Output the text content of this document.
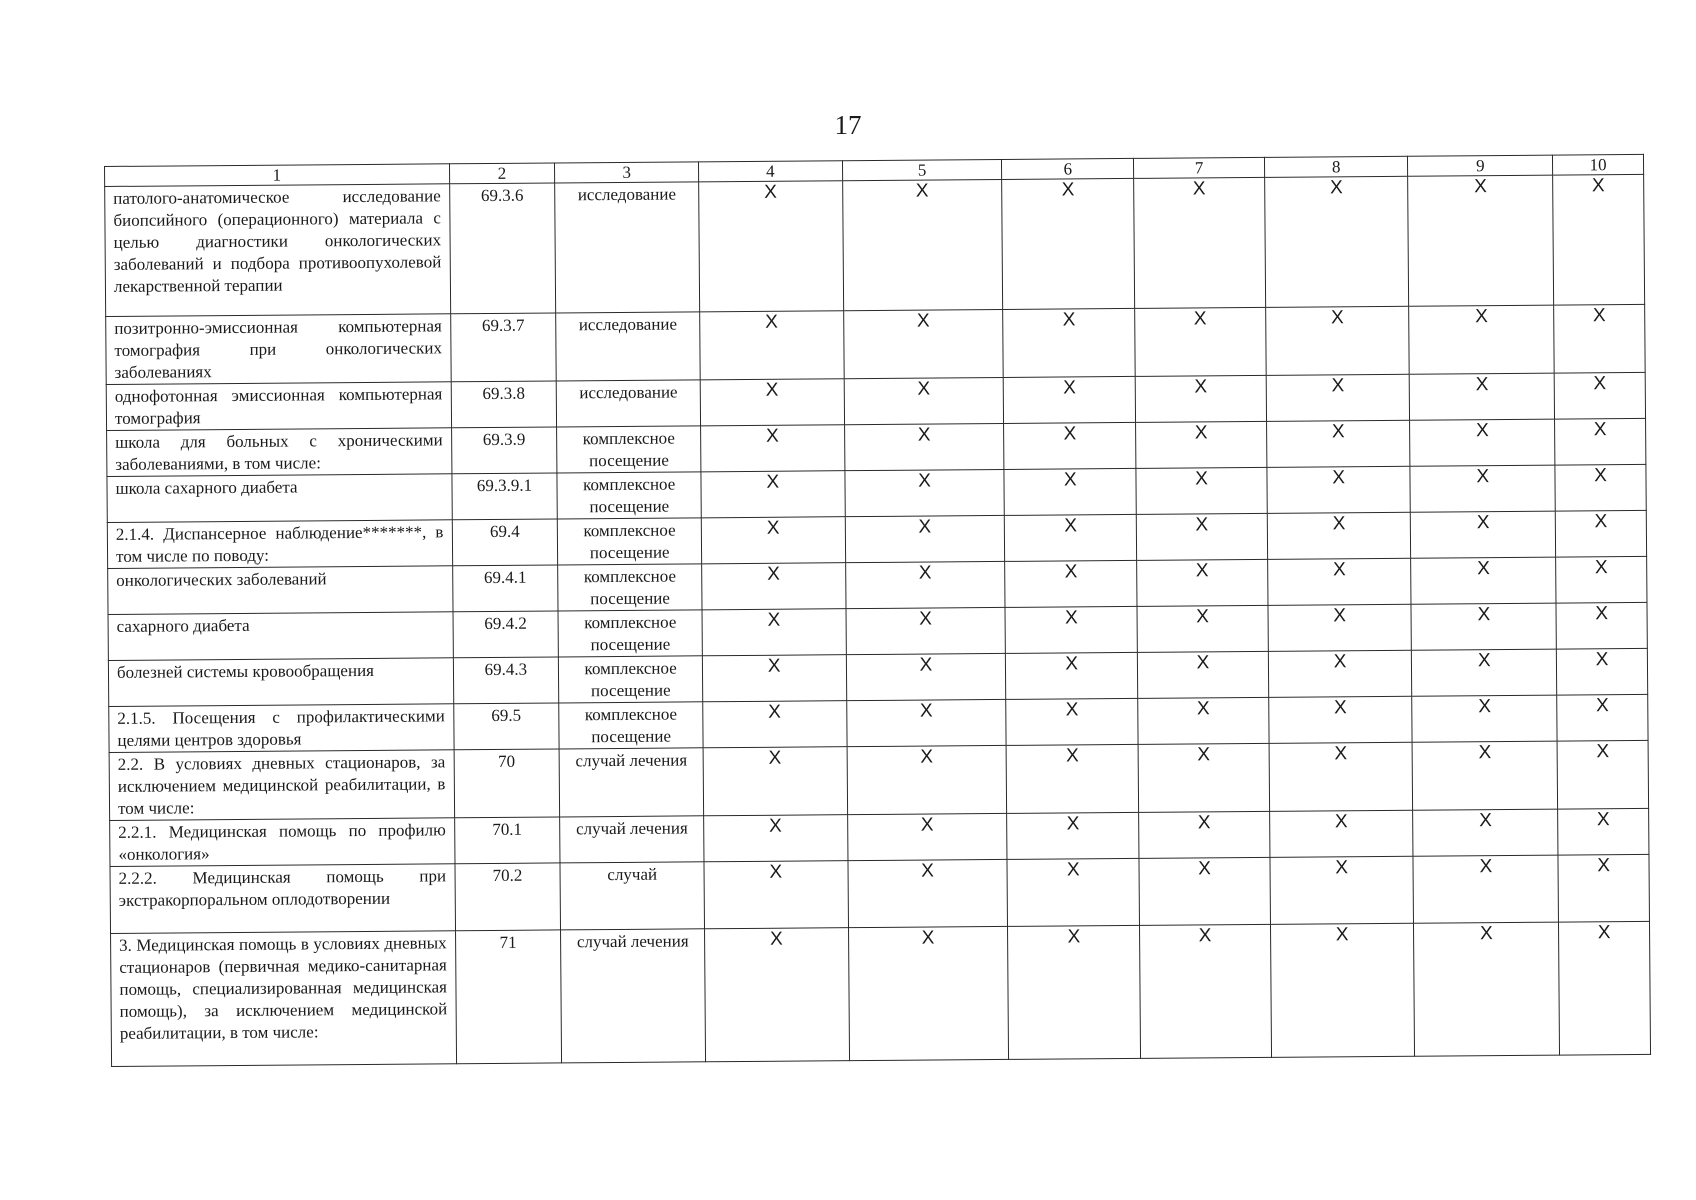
17
1	2	3	4	5	6	7	8	9	10
патолого-анатомическое исследование биопсийного (операционного) материала с целью диагностики онкологических заболеваний и подбора противоопухолевой лекарственной терапии	69.3.6	исследование	X	X	X	X	X	X	X
позитронно-эмиссионная компьютерная томография при онкологических заболеваниях	69.3.7	исследование	X	X	X	X	X	X	X
однофотонная эмиссионная компьютерная томография	69.3.8	исследование	X	X	X	X	X	X	X
школа для больных с хроническими заболеваниями, в том числе:	69.3.9	комплексное посещение	X	X	X	X	X	X	X
школа сахарного диабета	69.3.9.1	комплексное посещение	X	X	X	X	X	X	X
2.1.4. Диспансерное наблюдение*******, в том числе по поводу:	69.4	комплексное посещение	X	X	X	X	X	X	X
онкологических заболеваний	69.4.1	комплексное посещение	X	X	X	X	X	X	X
сахарного диабета	69.4.2	комплексное посещение	X	X	X	X	X	X	X
болезней системы кровообращения	69.4.3	комплексное посещение	X	X	X	X	X	X	X
2.1.5. Посещения с профилактическими целями центров здоровья	69.5	комплексное посещение	X	X	X	X	X	X	X
2.2. В условиях дневных стационаров, за исключением медицинской реабилитации, в том числе:	70	случай лечения	X	X	X	X	X	X	X
2.2.1. Медицинская помощь по профилю «онкология»	70.1	случай лечения	X	X	X	X	X	X	X
2.2.2. Медицинская помощь при экстракорпоральном оплодотворении	70.2	случай	X	X	X	X	X	X	X
3. Медицинская помощь в условиях дневных стационаров (первичная медико-санитарная помощь, специализированная медицинская помощь), за исключением медицинской реабилитации, в том числе:	71	случай лечения	X	X	X	X	X	X	X
